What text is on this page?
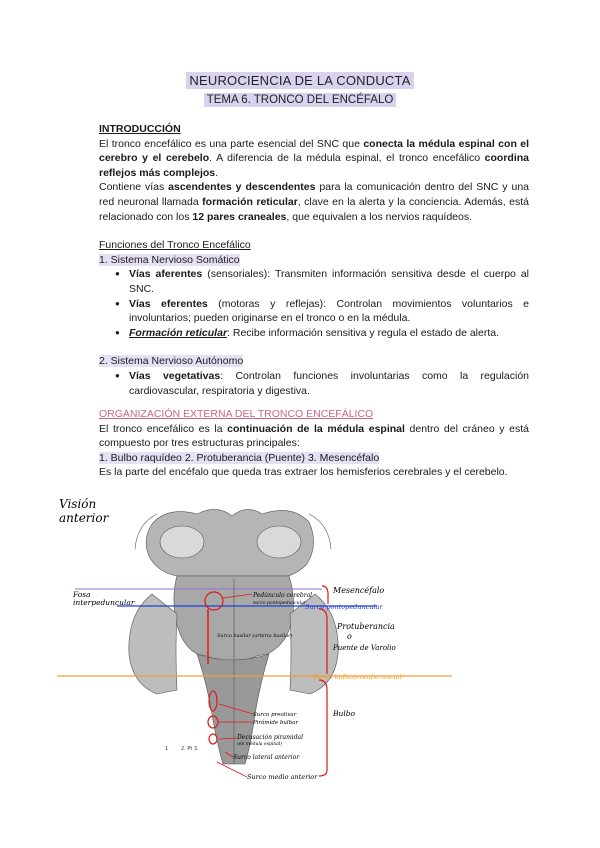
NEUROCIENCIA DE LA CONDUCTA
TEMA 6. TRONCO DEL ENCÉFALO

INTRODUCCIÓN

El tronco encefálico es una parte esencial del SNC que conecta la médula espinal con el cerebro y el cerebelo. A diferencia de la médula espinal, el tronco encefálico coordina reflejos más complejos.

Contiene vías ascendentes y descendentes para la comunicación dentro del SNC y una red neuronal llamada formación reticular, clave en la alerta y la conciencia. Además, está relacionado con los 12 pares craneales, que equivalen a los nervios raquídeos.

Funciones del Tronco Encefálico

1. Sistema Nervioso Somático

● Vías aferentes (sensoriales): Transmiten información sensitiva desde el cuerpo al SNC.
● Vías eferentes (motoras y reflejas): Controlan movimientos voluntarios e involuntarios; pueden originarse en el tronco o en la médula.
● Formación reticular: Recibe información sensitiva y regula el estado de alerta.

2. Sistema Nervioso Autónomo

● Vías vegetativas: Controlan funciones involuntarias como la regulación cardiovascular, respiratoria y digestiva.

ORGANIZACIÓN EXTERNA DEL TRONCO ENCEFÁLICO

El tronco encefálico es la continuación de la médula espinal dentro del cráneo y está compuesto por tres estructuras principales:

1. Bulbo raquídeo 2. Protuberancia (Puente) 3. Mesencéfalo

Es la parte del encéfalo que queda tras extraer los hemisferios cerebrales y el cerebelo.

Visión
anterior
Fosa
interpeduncular
Pedúnculo cerebral
surco pontopeduncular
Mesencéfalo
Surco pontopeduncular
Protuberancia
o
Puente de Varolio
Surco basilar (arteria basilar)
Surco bulboprotuberancial
Bulbo
Surco preolivar
Pirámide bulbar
Decusación piramidal
(en médula espinal)
Surco lateral anterior
Surco medio anterior
1	2. Pt 3.
